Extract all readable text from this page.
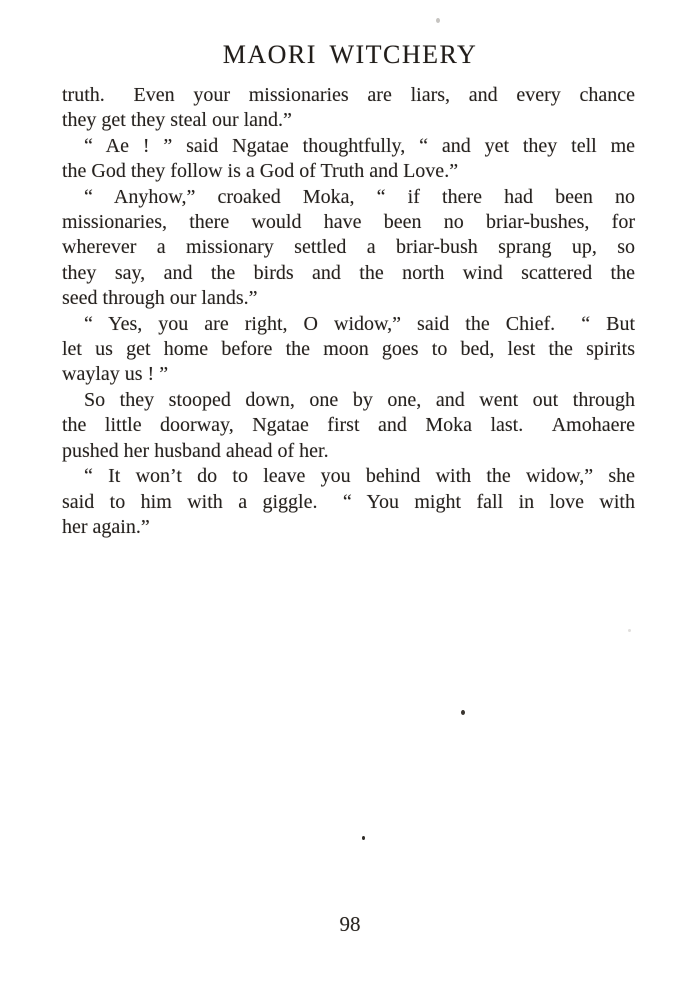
MAORI WITCHERY
truth.  Even your missionaries are liars, and every chance
they get they steal our land.”
“ Ae ! ” said Ngatae thoughtfully, “ and yet they tell me
the God they follow is a God of Truth and Love.”
“ Anyhow,” croaked Moka, “ if there had been no
missionaries, there would have been no briar-bushes, for
wherever a missionary settled a briar-bush sprang up, so
they say, and the birds and the north wind scattered the
seed through our lands.”
“ Yes, you are right, O widow,” said the Chief.  “ But
let us get home before the moon goes to bed, lest the spirits
waylay us ! ”
So they stooped down, one by one, and went out through
the little doorway, Ngatae first and Moka last.  Amohaere
pushed her husband ahead of her.
“ It won’t do to leave you behind with the widow,” she
said to him with a giggle.  “ You might fall in love with
her again.”
98
